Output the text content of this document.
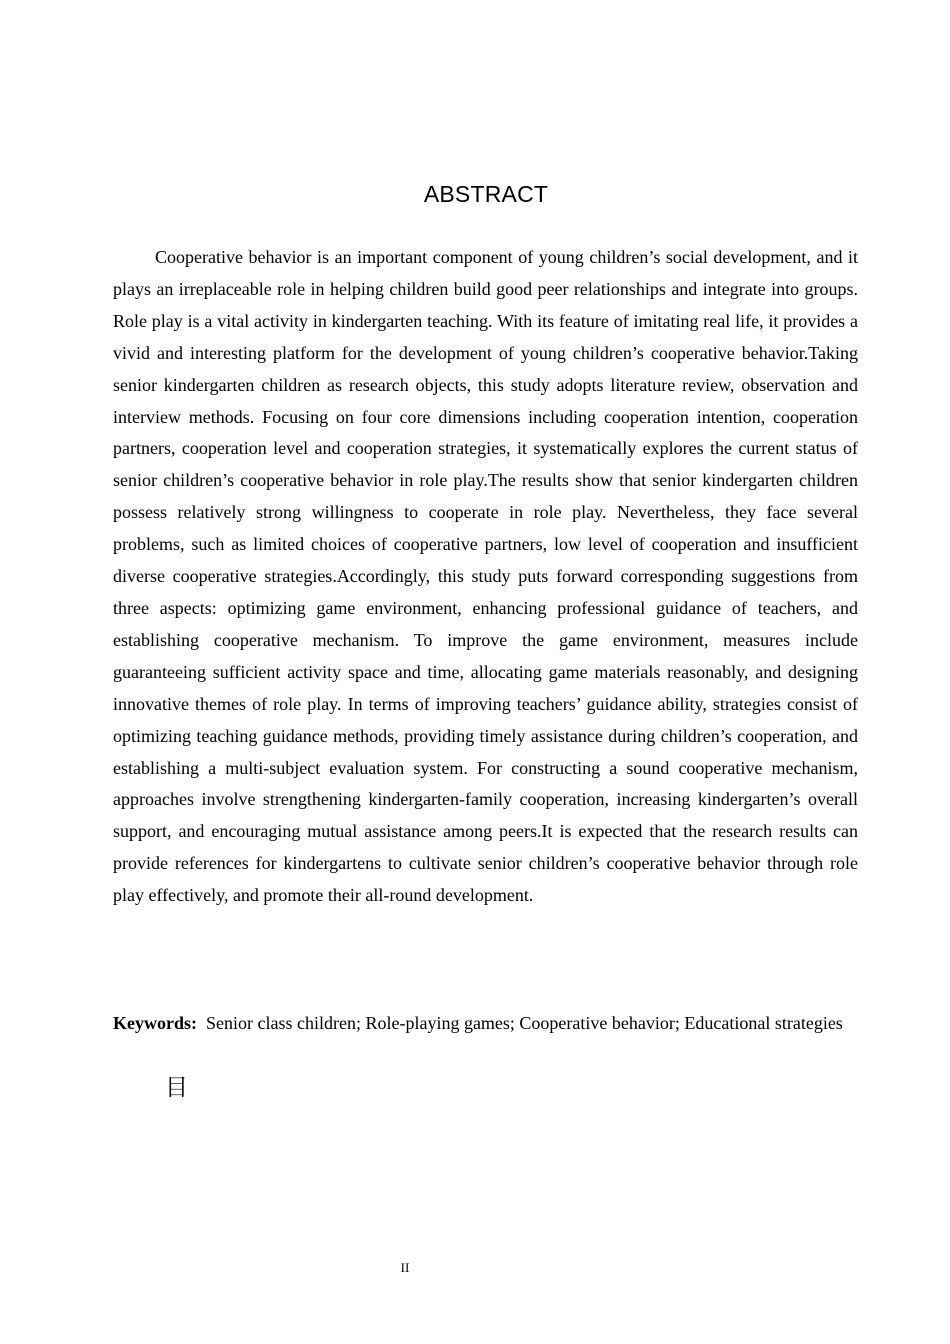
ABSTRACT

Cooperative behavior is an important component of young children’s social development, and it plays an irreplaceable role in helping children build good peer relationships and integrate into groups. Role play is a vital activity in kindergarten teaching. With its feature of imitating real life, it provides a vivid and interesting platform for the development of young children’s cooperative behavior.Taking senior kindergarten children as research objects, this study adopts literature review, observation and interview methods. Focusing on four core dimensions including cooperation intention, cooperation partners, cooperation level and cooperation strategies, it systematically explores the current status of senior children’s cooperative behavior in role play.The results show that senior kindergarten children possess relatively strong willingness to cooperate in role play. Nevertheless, they face several problems, such as limited choices of cooperative partners, low level of cooperation and insufficient diverse cooperative strategies.Accordingly, this study puts forward corresponding suggestions from three aspects: optimizing game environment, enhancing professional guidance of teachers, and establishing cooperative mechanism. To improve the game environment, measures include guaranteeing sufficient activity space and time, allocating game materials reasonably, and designing innovative themes of role play. In terms of improving teachers’ guidance ability, strategies consist of optimizing teaching guidance methods, providing timely assistance during children’s cooperation, and establishing a multi-subject evaluation system. For constructing a sound cooperative mechanism, approaches involve strengthening kindergarten-family cooperation, increasing kindergarten’s overall support, and encouraging mutual assistance among peers.It is expected that the research results can provide references for kindergartens to cultivate senior children’s cooperative behavior through role play effectively, and promote their all-round development.

Keywords: Senior class children; Role-playing games; Cooperative behavior; Educational strategies

目
II
